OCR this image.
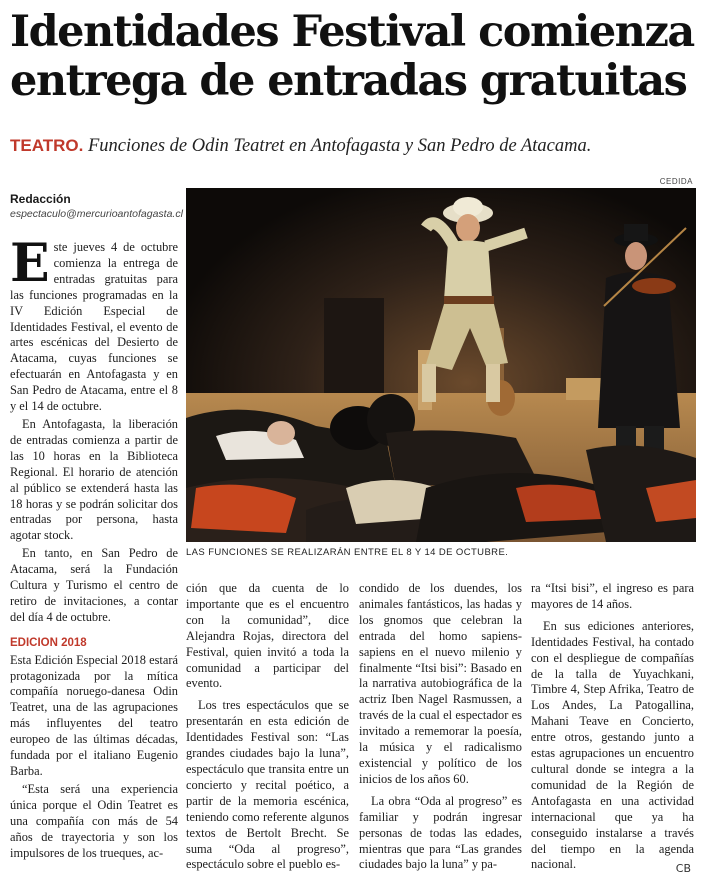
Identidades Festival comienza entrega de entradas gratuitas
TEATRO. Funciones de Odin Teatret en Antofagasta y San Pedro de Atacama.
Redacción
espectaculo@mercurioantofagasta.cl
CEDIDA
LAS FUNCIONES SE REALIZARÁN ENTRE EL 8 Y 14 DE OCTUBRE.

Este jueves 4 de octubre comienza la entrega de entradas gratuitas para las funciones programadas en la IV Edición Especial de Identidades Festival, el evento de artes escénicas del Desierto de Atacama, cuyas funciones se efectuarán en Antofagasta y en San Pedro de Atacama, entre el 8 y el 14 de octubre.

En Antofagasta, la liberación de entradas comienza a partir de las 10 horas en la Biblioteca Regional. El horario de atención al público se extenderá hasta las 18 horas y se podrán solicitar dos entradas por persona, hasta agotar stock.

En tanto, en San Pedro de Atacama, será la Fundación Cultura y Turismo el centro de retiro de invitaciones, a contar del día 4 de octubre.

EDICION 2018

Esta Edición Especial 2018 estará protagonizada por la mítica compañía noruego-danesa Odin Teatret, una de las agrupaciones más influyentes del teatro europeo de las últimas décadas, fundada por el italiano Eugenio Barba.

“Esta será una experiencia única porque el Odin Teatret es una compañía con más de 54 años de trayectoria y son los impulsores de los trueques, ac-

ción que da cuenta de lo importante que es el encuentro con la comunidad”, dice Alejandra Rojas, directora del Festival, quien invitó a toda la comunidad a participar del evento.

Los tres espectáculos que se presentarán en esta edición de Identidades Festival son: “Las grandes ciudades bajo la luna”, espectáculo que transita entre un concierto y recital poético, a partir de la memoria escénica, teniendo como referente algunos textos de Bertolt Brecht. Se suma “Oda al progreso”, espectáculo sobre el pueblo es-

condido de los duendes, los animales fantásticos, las hadas y los gnomos que celebran la entrada del homo sapiens-sapiens en el nuevo milenio y finalmente “Itsi bisi”: Basado en la narrativa autobiográfica de la actriz Iben Nagel Rasmussen, a través de la cual el espectador es invitado a rememorar la poesía, la música y el radicalismo existencial y político de los inicios de los años 60.

La obra “Oda al progreso” es familiar y podrán ingresar personas de todas las edades, mientras que para “Las grandes ciudades bajo la luna” y pa-

ra “Itsi bisi”, el ingreso es para mayores de 14 años.

En sus ediciones anteriores, Identidades Festival, ha contado con el despliegue de compañías de la talla de Yuyachkani, Timbre 4, Step Afrika, Teatro de Los Andes, La Patogallina, Mahani Teave en Concierto, entre otros, gestando junto a estas agrupaciones un encuentro cultural donde se integra a la comunidad de la Región de Antofagasta en una actividad internacional que ya ha conseguido instalarse a través del tiempo en la agenda nacional.	CB
